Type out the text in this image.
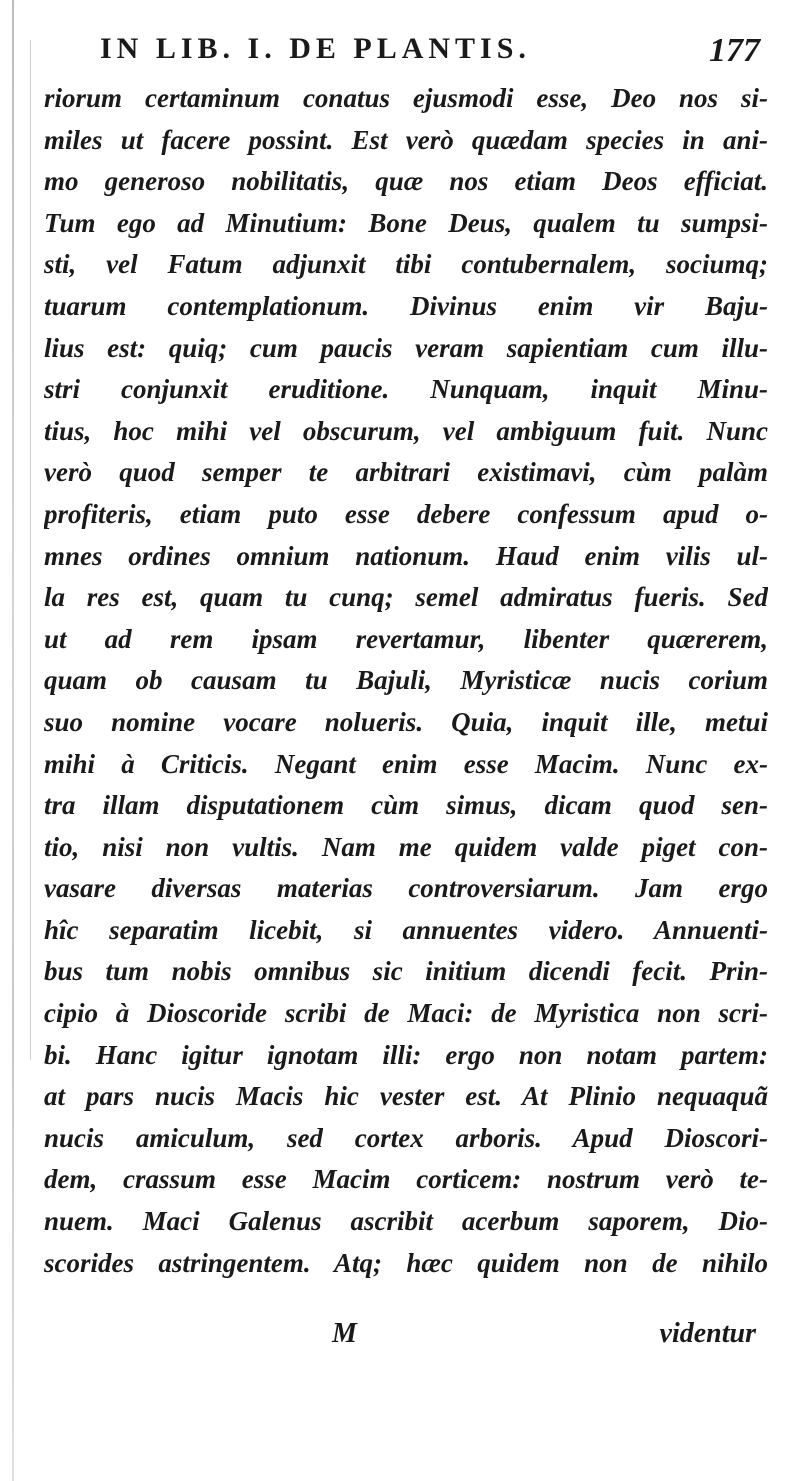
IN LIB. I. DE PLANTIS.	177
riorum certaminum conatus ejusmodi esse, Deo nos si-
miles ut facere possint. Est verò quædam species in ani-
mo generoso nobilitatis, quæ nos etiam Deos efficiat.
Tum ego ad Minutium: Bone Deus, qualem tu sumpsi-
sti, vel Fatum adjunxit tibi contubernalem, sociumq;
tuarum contemplationum. Divinus enim vir Baju-
lius est: quiq; cum paucis veram sapientiam cum illu-
stri conjunxit eruditione. Nunquam, inquit Minu-
tius, hoc mihi vel obscurum, vel ambiguum fuit. Nunc
verò quod semper te arbitrari existimavi, cùm palàm
profiteris, etiam puto esse debere confessum apud o-
mnes ordines omnium nationum. Haud enim vilis ul-
la res est, quam tu cunq; semel admiratus fueris. Sed
ut ad rem ipsam revertamur, libenter quærerem,
quam ob causam tu Bajuli, Myristicæ nucis corium
suo nomine vocare nolueris. Quia, inquit ille, metui
mihi à Criticis. Negant enim esse Macim. Nunc ex-
tra illam disputationem cùm simus, dicam quod sen-
tio, nisi non vultis. Nam me quidem valde piget con-
vasare diversas materias controversiarum. Jam ergo
hîc separatim licebit, si annuentes videro. Annuenti-
bus tum nobis omnibus sic initium dicendi fecit. Prin-
cipio à Dioscoride scribi de Maci: de Myristica non scri-
bi. Hanc igitur ignotam illi: ergo non notam partem:
at pars nucis Macis hic vester est. At Plinio nequaquã
nucis amiculum, sed cortex arboris. Apud Dioscori-
dem, crassum esse Macim corticem: nostrum verò te-
nuem. Maci Galenus ascribit acerbum saporem, Dio-
scorides astringentem. Atq; hæc quidem non de nihilo
M	videntur
